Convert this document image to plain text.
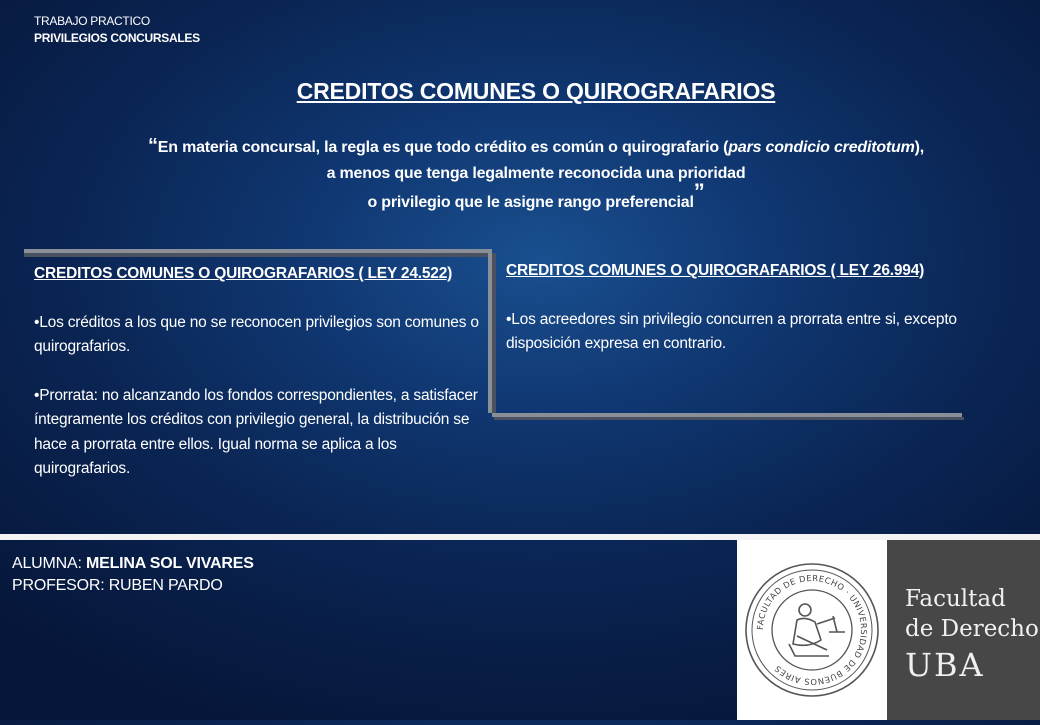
TRABAJO PRACTICO
PRIVILEGIOS CONCURSALES
CREDITOS COMUNES O QUIROGRAFARIOS
“En materia concursal, la regla es que todo crédito es común o quirografario (pars condicio creditotum),
a menos que tenga legalmente reconocida una prioridad
o privilegio que le asigne rango preferencial”

CREDITOS COMUNES O QUIROGRAFARIOS ( LEY 24.522)

•Los créditos a los que no se reconocen privilegios son comunes o quirografarios.

•Prorrata: no alcanzando los fondos correspondientes, a satisfacer íntegramente los créditos con privilegio general, la distribución se hace a prorrata entre ellos. Igual norma se aplica a los quirografarios.

CREDITOS COMUNES O QUIROGRAFARIOS ( LEY 26.994)

•Los acreedores sin privilegio concurren a prorrata entre si, excepto disposición expresa en contrario.

ALUMNA: MELINA SOL VIVARES
PROFESOR: RUBEN PARDO
FACULTAD DE DERECHO · UNIVERSIDAD DE BUENOS AIRES
Facultad
de Derecho
UBA
